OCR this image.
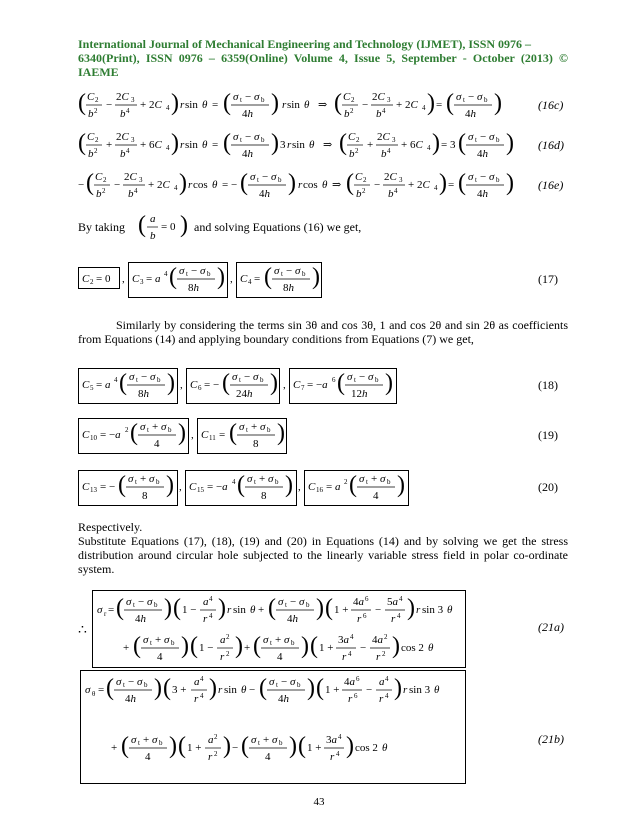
International Journal of Mechanical Engineering and Technology (IJMET), ISSN 0976 –
6340(Print), ISSN 0976 – 6359(Online) Volume 4, Issue 5, September - October (2013) © IAEME
( C 2
b 2 −
2C 3
b 4 + 2C 4 ) r sin θ = ( σ t − σ b
4h ) r sin θ ⇒ ( C 2
b 2 −
2C 3
b 4 + 2C 4 ) = ( σ t − σ b
4h )	(16c)
( C 2
b 2 +
2C 3
b 4 + 6C 4 ) r sin θ = ( σ t − σ b
4h ) 3 r sin θ ⇒ ( C 2
b 2 +
2C 3
b 4 + 6C 4 ) = 3 ( σ t − σ b
4h ) (16d)
− ( C 2
b 2 −
2C 3
b 4 + 2C 4 ) r cos θ = − ( σ t − σ b
4h ) r cos θ ⇒ ( C 2
b 2 −
2C 3
b 4 + 2C 4 ) = ( σ t − σ b
4h ) (16e)
By taking ( a
b
= 0 ) and solving Equations (16) we get,
C 2 = 0 , C 3 = a 4 ( σ t − σ b
8h ) , C 4 = ( σ t − σ b
8h )	(17)
Similarly by considering the terms sin 3θ and cos 3θ, 1 and cos 2θ and sin 2θ as coefficients from Equations (14) and applying boundary conditions from Equations (7) we get,
C 5 = a 4 ( σ t − σ b
8h ) , C 6 = − ( σ t − σ b
24h ) , C 7 = −a 6 ( σ t − σ b
12h )	(18)
C 10 = −a 2 ( σ t + σ b
4 ) , C 11 = ( σ t + σ b
8 )	(19)
C 13 = − ( σ t + σ b
8 ) , C 15 = −a 4 ( σ t + σ b
8 ) , C 16 = a 2 ( σ t + σ b
4 )	(20)
Respectively.
Substitute Equations (17), (18), (19) and (20) in Equations (14) and by solving we get the stress distribution around circular hole subjected to the linearly variable stress field in polar co-ordinate system.
σ r = ( σ t − σ b
4h ) ( 1 −
a 4
r 4 ) r sin θ + ( σ t − σ b
4h ) ( 1 +
4a 6
r 6 −
5a 4
r 4 ) r sin 3 θ
+ ( σ t + σ b
4 ) ( 1 −
a 2
r 2 ) + ( σ t + σ b
4 ) ( 1 +
3a 4
r 4 −
4a 2
r 2 ) cos 2 θ
∴	(21a)
σ θ = ( σ t − σ b
4h ) ( 3 +
a 4
r 4 ) r sin θ − ( σ t − σ b
4h ) ( 1 +
4a 6
r 6 −
a 4
r 4 ) r sin 3 θ
+ ( σ t + σ b
4 ) ( 1 +
a 2
r 2 ) − ( σ t + σ b
4 ) ( 1 +
3a 4
r 4 ) cos 2 θ
(21b)
43
